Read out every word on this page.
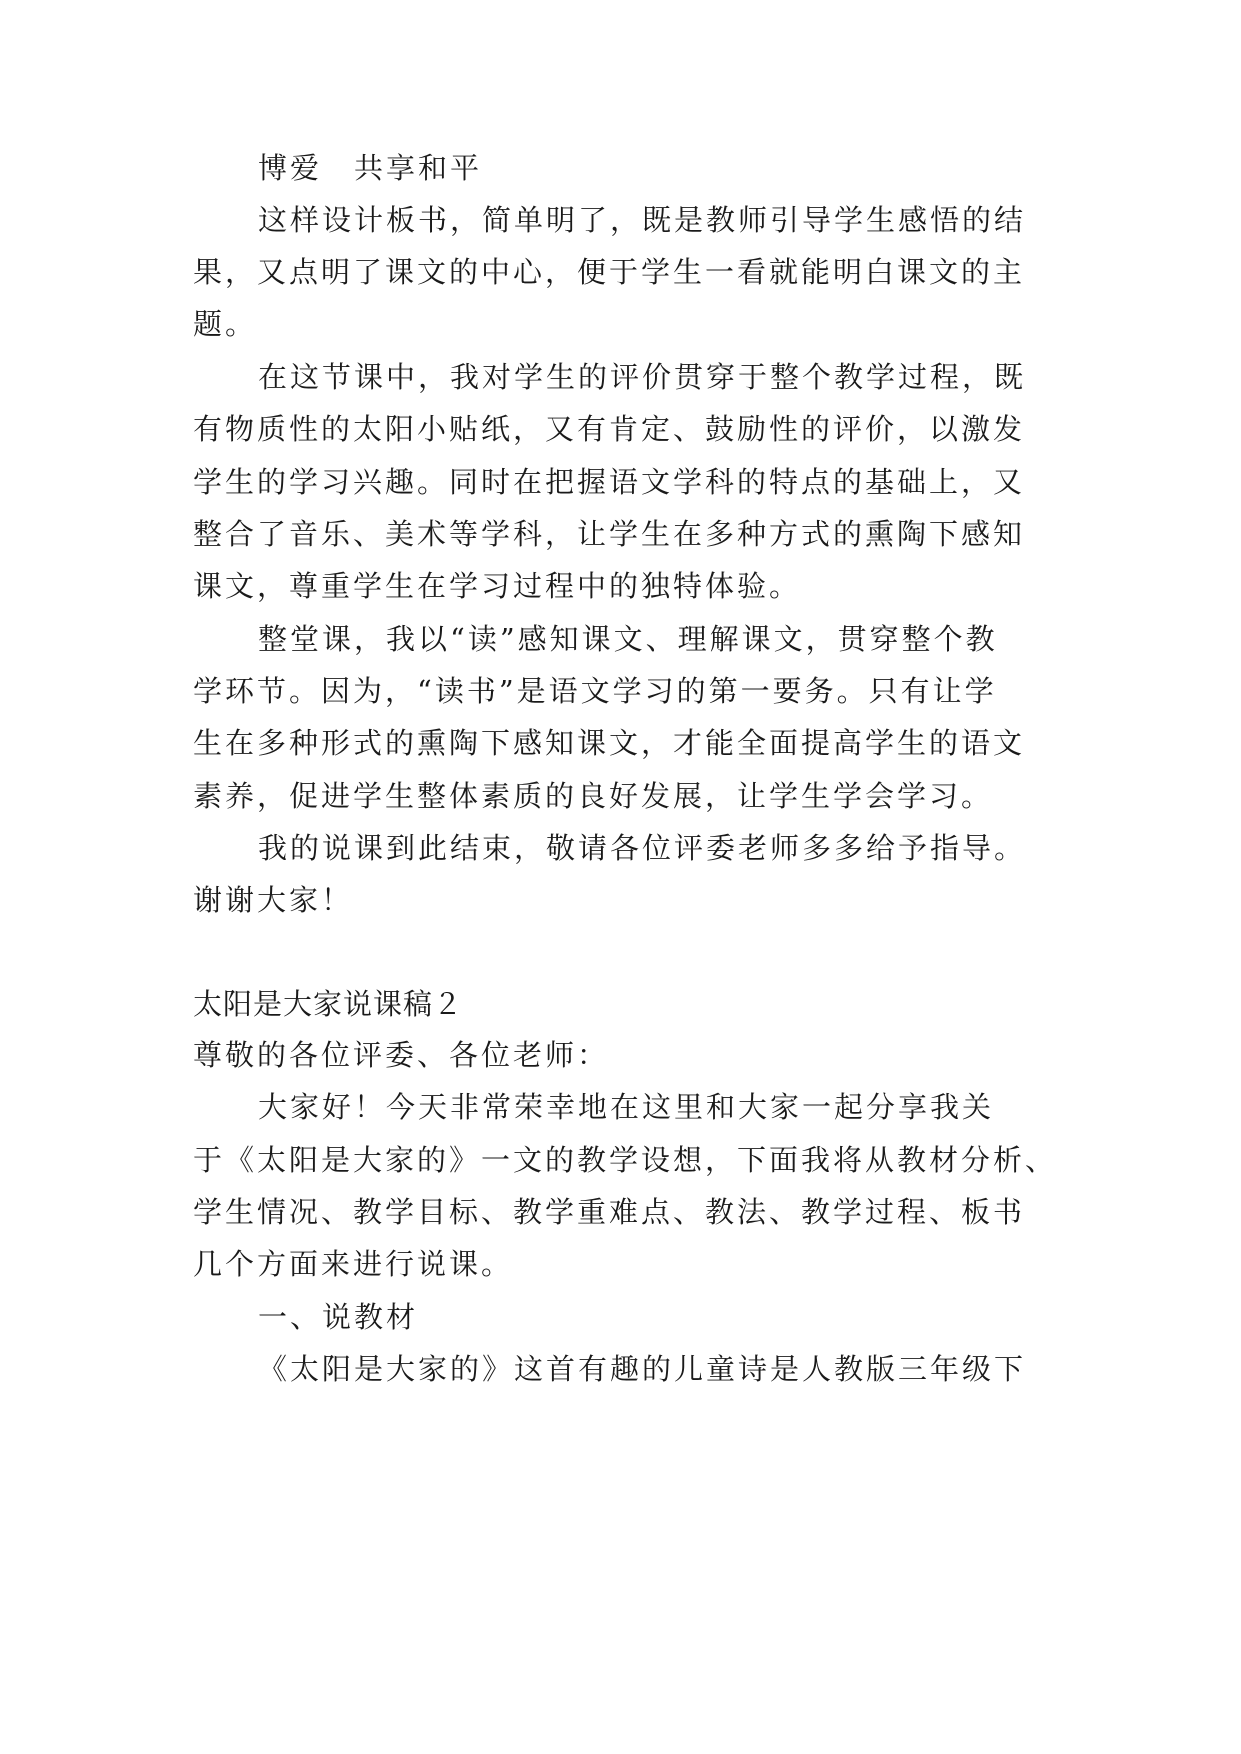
博爱　共享和平
这样设计板书，简单明了，既是教师引导学生感悟的结
果，又点明了课文的中心，便于学生一看就能明白课文的主
题。
在这节课中，我对学生的评价贯穿于整个教学过程，既
有物质性的太阳小贴纸，又有肯定、鼓励性的评价，以激发
学生的学习兴趣。同时在把握语文学科的特点的基础上，又
整合了音乐、美术等学科，让学生在多种方式的熏陶下感知
课文，尊重学生在学习过程中的独特体验。
整堂课，我以“读”感知课文、理解课文，贯穿整个教
学环节。因为，“读书”是语文学习的第一要务。只有让学
生在多种形式的熏陶下感知课文，才能全面提高学生的语文
素养，促进学生整体素质的良好发展，让学生学会学习。
我的说课到此结束，敬请各位评委老师多多给予指导。
谢谢大家！
太阳是大家说课稿２
尊敬的各位评委、各位老师：
大家好！今天非常荣幸地在这里和大家一起分享我关
于《太阳是大家的》一文的教学设想，下面我将从教材分析、
学生情况、教学目标、教学重难点、教法、教学过程、板书
几个方面来进行说课。
一、说教材
《太阳是大家的》这首有趣的儿童诗是人教版三年级下
